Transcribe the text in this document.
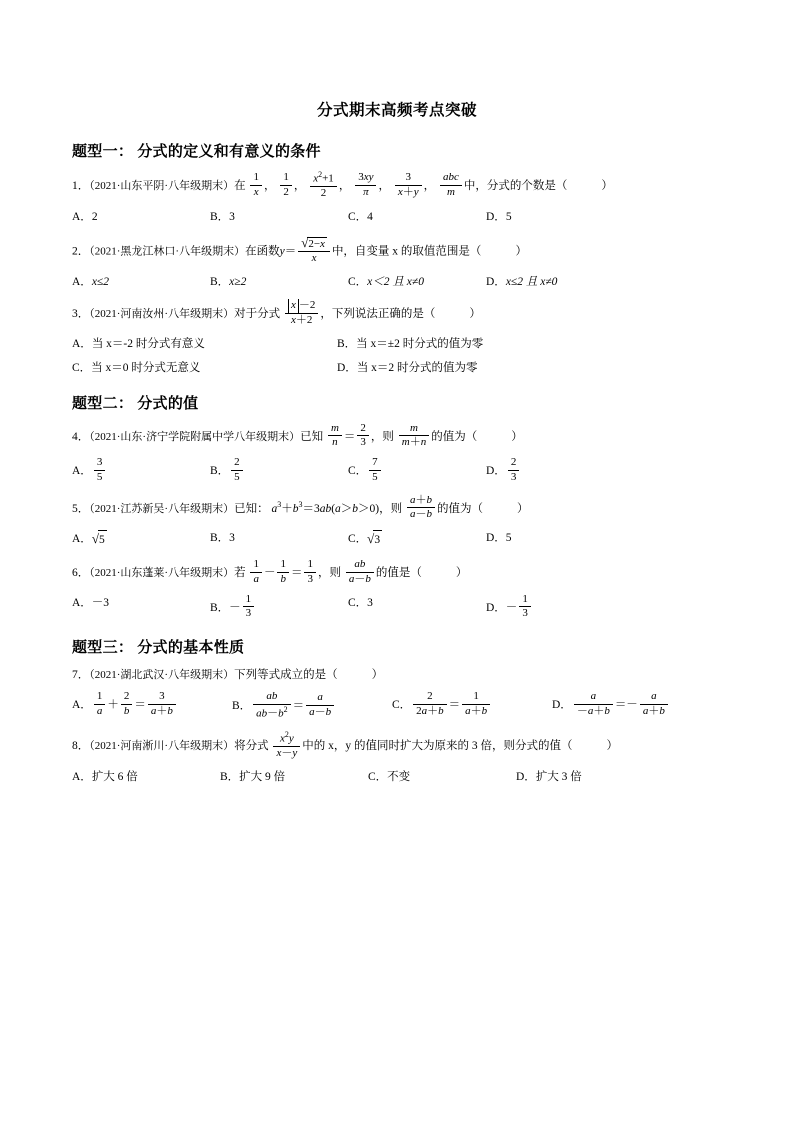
分式期末高频考点突破
题型一： 分式的定义和有意义的条件
1．（2021·山东平阴·八年级期末）在 $\frac{1}{x}$ ， $\frac{1}{2}$ ， $\frac{x^2+1}{2}$ ， $\frac{3xy}{\pi}$ ， $\frac{3}{x+y}$ ， $\frac{\text{abc}}{m}$ 中，分式的个数是（	）
A．2	B．3	C．4	D．5
2．（2021·黑龙江林口·八年级期末）在函数$y= \frac{√2-x}{x}$ 中，自变量 x 的取值范围是（	）
A．x≤2	B．x≥2	C．x＜2 且 x≠0	D．x≤2 且 x≠0
3．（2021·河南汝州·八年级期末）对于分式 $\frac{x -2}{x+2}$ ，下列说法正确的是（	）
A．当 x＝-2 时分式有意义	B．当 x＝±2 时分式的值为零
C．当 x＝0 时分式无意义	D．当 x＝2 时分式的值为零
题型二： 分式的值
4．（2021·山东·济宁学院附属中学八年级期末）已知 $\frac{m}{n} = \frac{2}{3}$ ，则 $\frac{m}{m+n}$ 的值为（	）
A． $\frac{3}{5}$	B． $\frac{2}{5}$	C． $\frac{7}{5}$	D． $\frac{2}{3}$
5．（2021·江苏新吴·八年级期末）已知： $a^3+b^3=3ab(a>b>0)$，则 $\frac{a+b}{a-b}$ 的值为（	）
A．√5	B．3	C．√3	D．5
6．（2021·山东蓬莱·八年级期末）若 $\frac{1}{a} - \frac{1}{b} = \frac{1}{3}$ ，则 $\frac{ab}{a-b}$ 的值是（	）
A．－3	B．－ $\frac{1}{3}$	C．3	D．－ $\frac{1}{3}$
题型三： 分式的基本性质
7．（2021·湖北武汉·八年级期末）下列等式成立的是（	）
A． $\frac{1}{a} + \frac{2}{b} = \frac{3}{a+b}$	B． $\frac{ab}{ab-b^2} = \frac{a}{a-b}$	C． $\frac{2}{2a+b} = \frac{1}{a+b}$	D． $\frac{a}{-a+b} =- \frac{a}{a+b}$
8．（2021·河南淅川·八年级期末）将分式 $\frac{x^2y}{x-y}$ 中的 x，y 的值同时扩大为原来的 3 倍，则分式的值（	）
A．扩大 6 倍	B．扩大 9 倍	C．不变	D．扩大 3 倍
